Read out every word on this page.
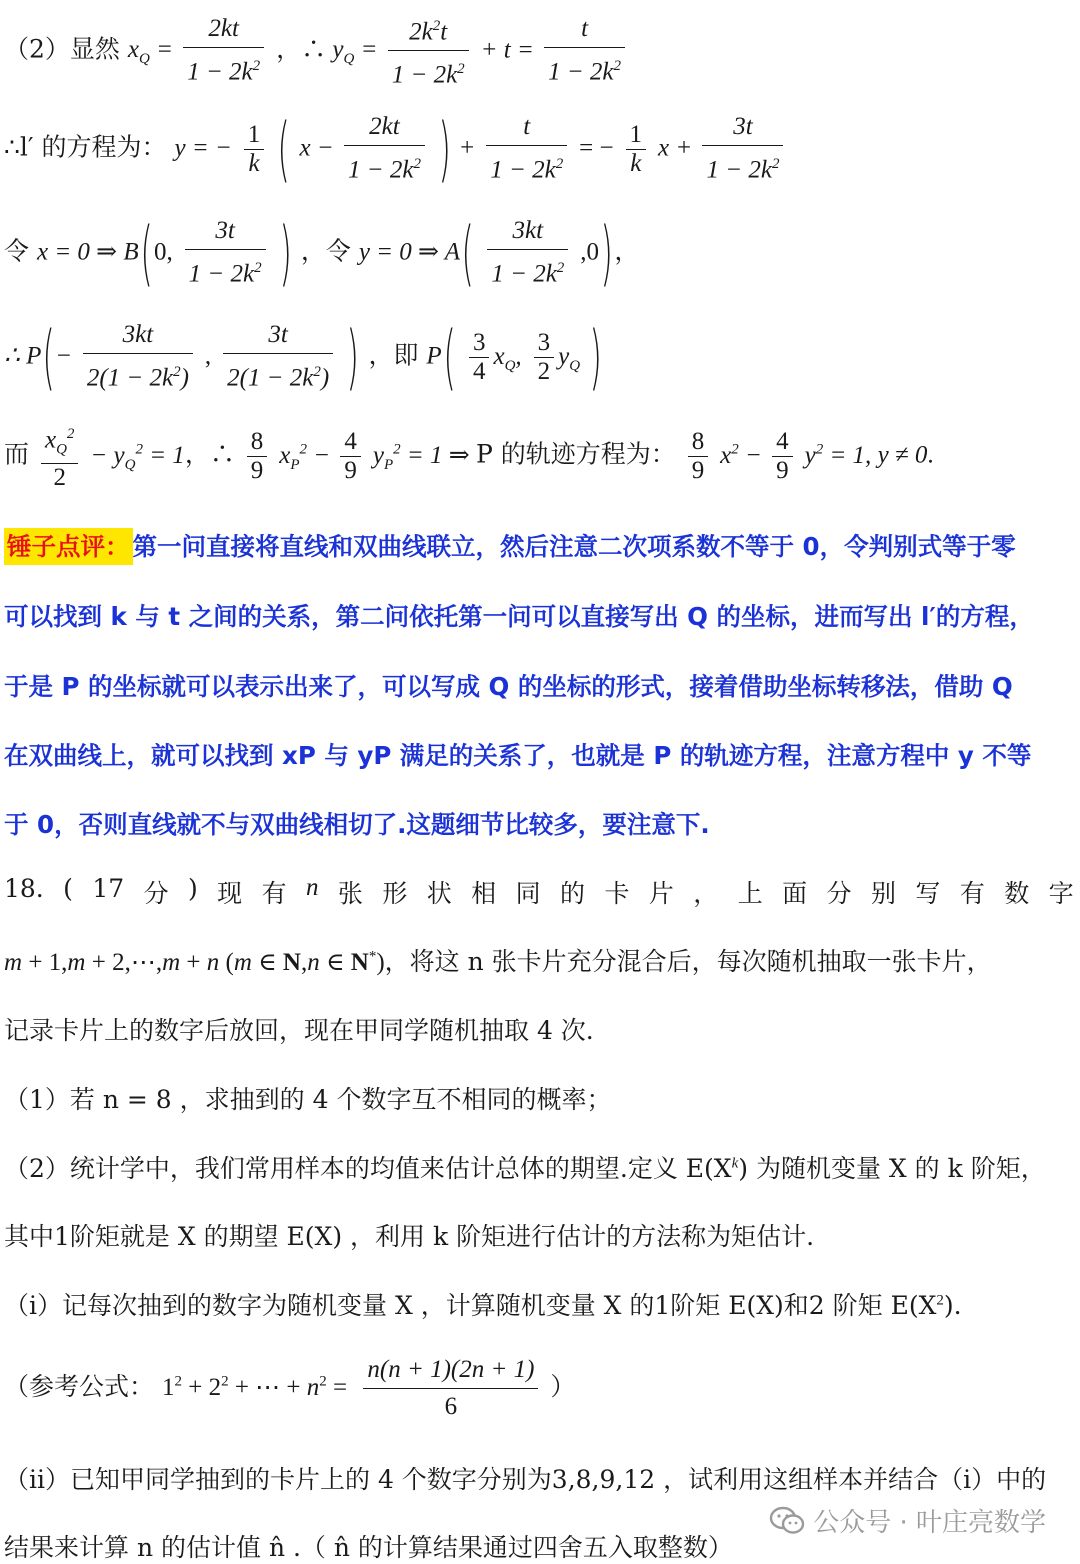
（2）显然 $x_Q = \frac{2kt}{1 - 2k^2}$ ，∴ $y_Q = \frac{2k^2t}{1 - 2k^2} + t = \frac{t}{1 - 2k^2}$
∴l′ 的方程为： y = − $\frac{1}{k}$ ( $x - \frac{2kt}{1 - 2k^2}$ ) + $\frac{t}{1 - 2k^2}$ = − $\frac{1}{k}$ $x + \frac{3t}{1 - 2k^2}$
令 x = 0 ⇒ B(0, $\frac{3t}{1 - 2k^2}$ ) ，令 y = 0 ⇒ $A( \frac{3kt}{1 - 2k^2} ,0)$，
∴ $P(- \frac{3kt}{2(1 - 2k^2)}$ , $\frac{3t}{2(1 - 2k^2)}$ ) ，即 $P( \frac{3}{4} x_Q$, $\frac{3}{2} y_Q$ )
而 $\frac{x_Q^2}{2} - y_Q^2 = 1$，∴ $\frac{8}{9} x_P^2 - \frac{4}{9} y_P^2 = 1$ ⇒ P 的轨迹方程为： $\frac{8}{9} x^2 - \frac{4}{9} y^2 = 1$, y ≠ 0.
锤子点评： 第一问直接将直线和双曲线联立，然后注意二次项系数不等于 0，令判别式等于零
可以找到 k 与 t 之间的关系，第二问依托第一问可以直接写出 Q 的坐标，进而写出 l′的方程，
于是 P 的坐标就可以表示出来了，可以写成 Q 的坐标的形式，接着借助坐标转移法，借助 Q
在双曲线上，就可以找到 xP 与 yP 满足的关系了，也就是 P 的轨迹方程，注意方程中 y 不等
于 0，否则直线就不与双曲线相切了.这题细节比较多，要注意下.
18. ( 17 分 ) 现 有 n 张 形 状 相 同 的 卡 片 ， 上 面 分 别 写 有 数 字
m + 1,m + 2,⋯,m + n (m ∈ N,n ∈ N*)，将这 n 张卡片充分混合后，每次随机抽取一张卡片，
记录卡片上的数字后放回，现在甲同学随机抽取 4 次.
（1）若 n = 8 ，求抽到的 4 个数字互不相同的概率；
（2）统计学中，我们常用样本的均值来估计总体的期望.定义 $E(X^k)$ 为随机变量 X 的 k 阶矩，
其中1阶矩就是 X 的期望 E(X) ，利用 k 阶矩进行估计的方法称为矩估计.
（i）记每次抽到的数字为随机变量 X ，计算随机变量 X 的1阶矩 E(X)和2 阶矩 $E(X^2)$.
（参考公式： $1^2 + 2^2$ + ⋯ + $n^2 = \frac{n(n + 1)(2n + 1)}{6}$ ）
（ii）已知甲同学抽到的卡片上的 4 个数字分别为3,8,9,12 ，试利用这组样本并结合（i）中的
结果来计算 n 的估计值 n̂ .（ n̂ 的计算结果通过四舍五入取整数）
公众号 · 叶庄亮数学
